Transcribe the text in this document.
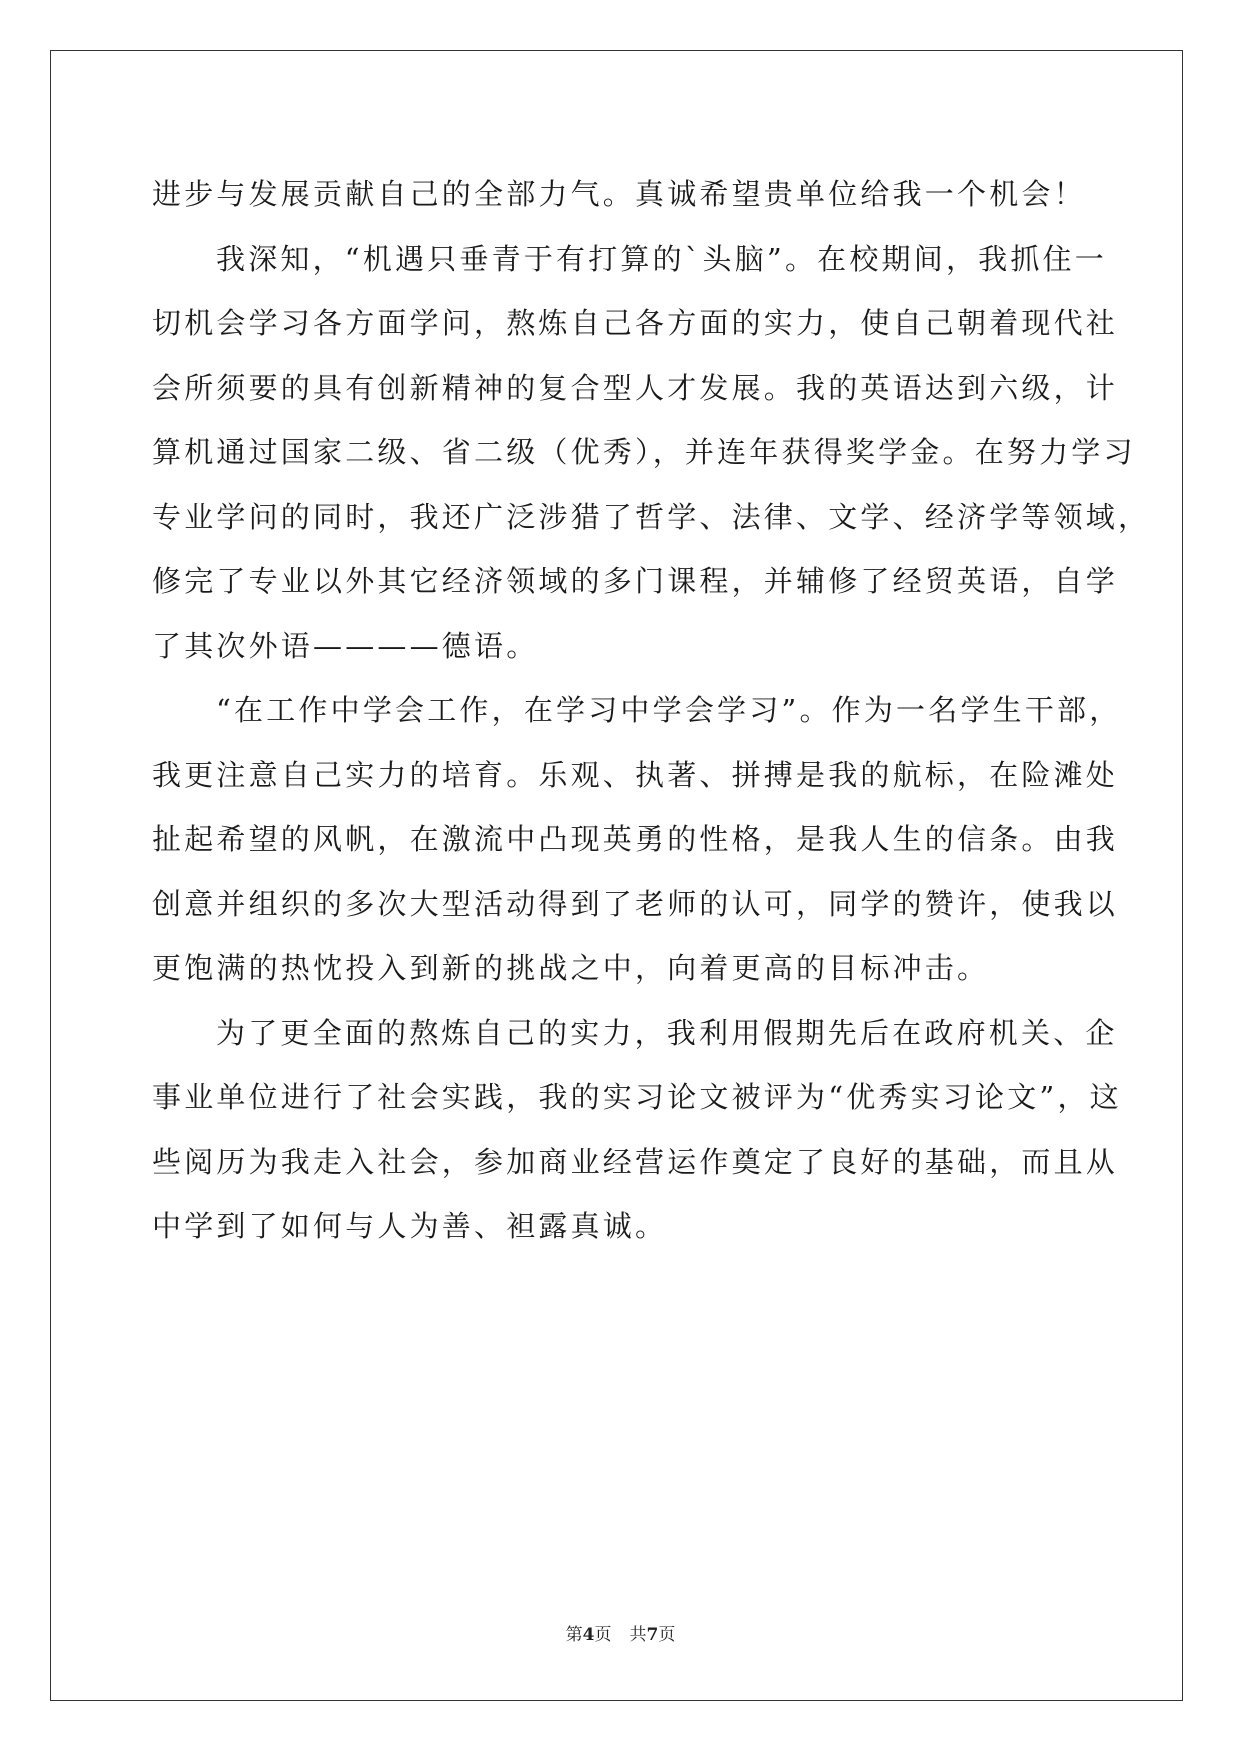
进步与发展贡献自己的全部力气。真诚希望贵单位给我一个机会！
我深知，“机遇只垂青于有打算的`头脑”。在校期间，我抓住一
切机会学习各方面学问，熬炼自己各方面的实力，使自己朝着现代社
会所须要的具有创新精神的复合型人才发展。我的英语达到六级，计
算机通过国家二级、省二级（优秀），并连年获得奖学金。在努力学习
专业学问的同时，我还广泛涉猎了哲学、法律、文学、经济学等领域，
修完了专业以外其它经济领域的多门课程，并辅修了经贸英语，自学
了其次外语————德语。
“在工作中学会工作，在学习中学会学习”。作为一名学生干部，
我更注意自己实力的培育。乐观、执著、拼搏是我的航标，在险滩处
扯起希望的风帆，在激流中凸现英勇的性格，是我人生的信条。由我
创意并组织的多次大型活动得到了老师的认可，同学的赞许，使我以
更饱满的热忱投入到新的挑战之中，向着更高的目标冲击。
为了更全面的熬炼自己的实力，我利用假期先后在政府机关、企
事业单位进行了社会实践，我的实习论文被评为“优秀实习论文”，这
些阅历为我走入社会，参加商业经营运作奠定了良好的基础，而且从
中学到了如何与人为善、袒露真诚。
第4页 共7页
